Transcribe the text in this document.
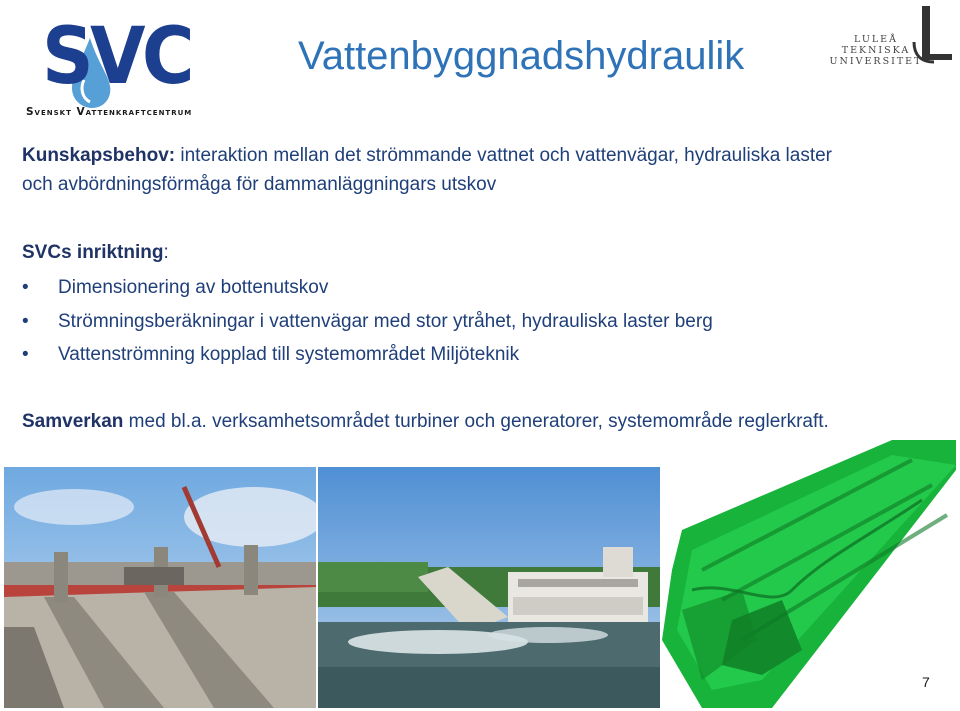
SVC
Svenskt Vattenkraftcentrum
Vattenbyggnadshydraulik	LULEÅ
TEKNISKA
UNIVERSITET
Kunskapsbehov: interaktion mellan det strömmande vattnet och vattenvägar, hydrauliska laster
och avbördningsförmåga för dammanläggningars utskov
SVCs inriktning:
• Dimensionering av bottenutskov
• Strömningsberäkningar i vattenvägar med stor ytråhet, hydrauliska laster berg
• Vattenströmning kopplad till systemområdet Miljöteknik
Samverkan med bl.a. verksamhetsområdet turbiner och generatorer, systemområde reglerkraft.
7
